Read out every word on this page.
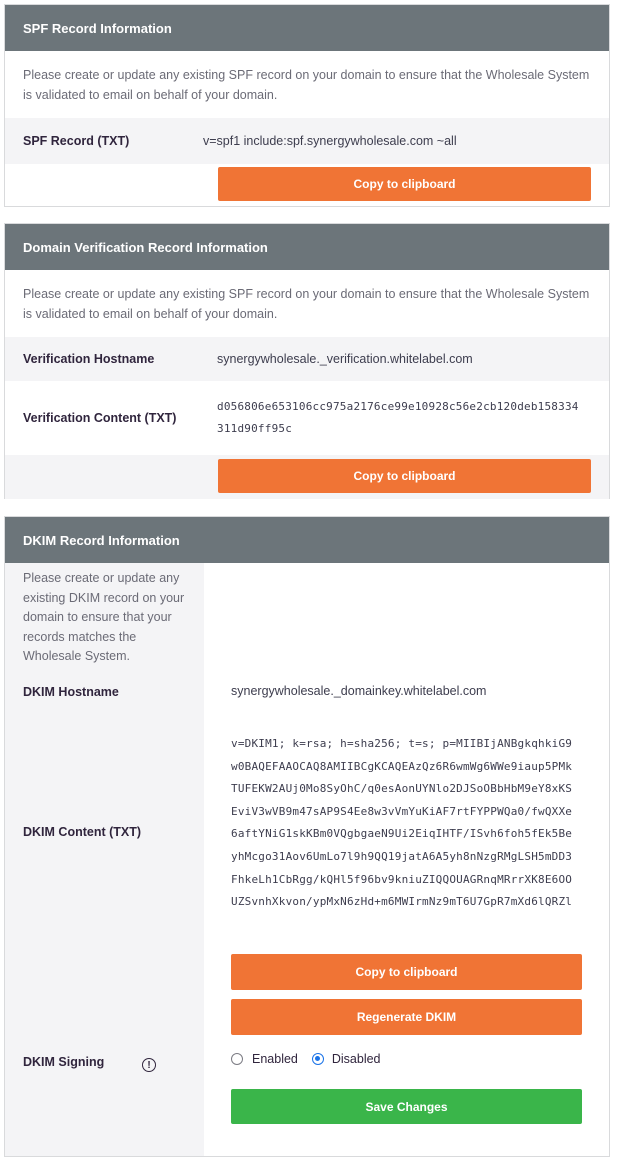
SPF Record Information
Please create or update any existing SPF record on your domain to ensure that the Wholesale System is validated to email on behalf of your domain.
SPF Record (TXT)	v=spf1 include:spf.synergywholesale.com ~all
Copy to clipboard
Domain Verification Record Information
Please create or update any existing SPF record on your domain to ensure that the Wholesale System is validated to email on behalf of your domain.
Verification Hostname	synergywholesale._verification.whitelabel.com
Verification Content (TXT)
d056806e653106cc975a2176ce99e10928c56e2cb120deb158334
311d90ff95c
Copy to clipboard
DKIM Record Information
Please create or update any existing DKIM record on your domain to ensure that your records matches the Wholesale System.
DKIM Hostname	synergywholesale._domainkey.whitelabel.com
DKIM Content (TXT)
v=DKIM1; k=rsa; h=sha256; t=s; p=MIIBIjANBgkqhkiG9
w0BAQEFAAOCAQ8AMIIBCgKCAQEAzQz6R6wmWg6WWe9iaup5PMk
TUFEKW2AUj0Mo8SyOhC/q0esAonUYNlo2DJSoOBbHbM9eY8xKS
EviV3wVB9m47sAP9S4Ee8w3vVmYuKiAF7rtFYPPWQa0/fwQXXe
6aftYNiG1skKBm0VQgbgaeN9Ui2EiqIHTF/ISvh6foh5fEk5Be
yhMcgo31Aov6UmLo7l9h9QQ19jatA6A5yh8nNzgRMgLSH5mDD3
FhkeLh1CbRgg/kQHl5f96bv9kniuZIQQOUAGRnqMRrrXK8E6OO
UZSvnhXkvon/ypMxN6zHd+m6MWIrmNz9mT6U7GpR7mXd6lQRZl
Copy to clipboard
Regenerate DKIM
DKIM Signing	!	Enabled	Disabled
Save Changes
